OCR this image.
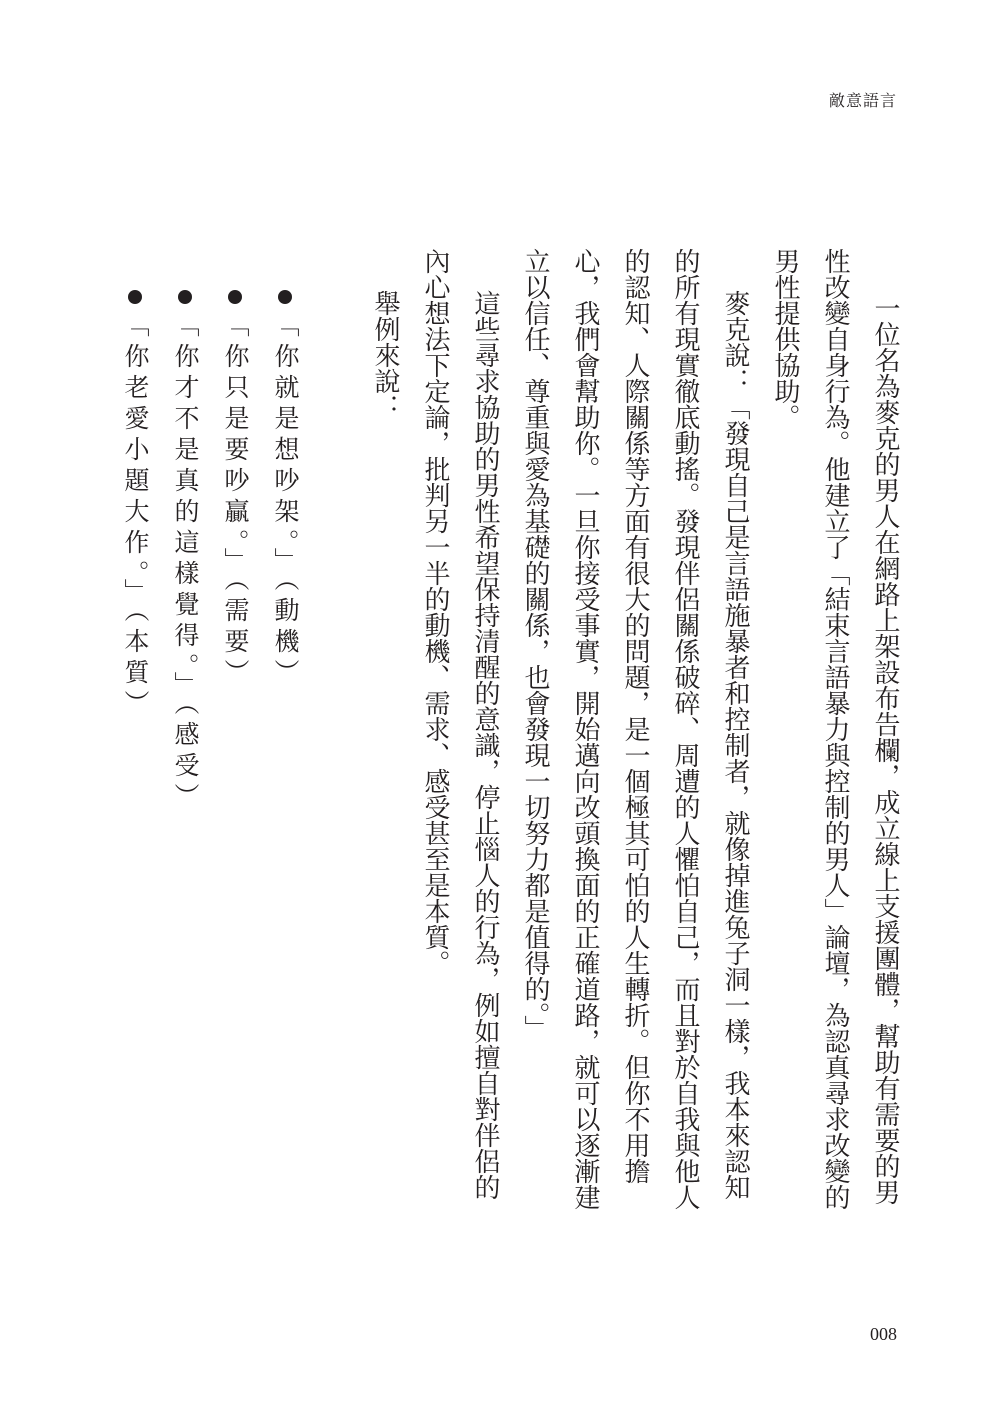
敵意語言

一位名為麥克的男人在網路上架設布告欄，成立線上支援團體，幫助有需要的男性改變自身行為。他建立了「結束言語暴力與控制的男人」論壇，為認真尋求改變的男性提供協助。

麥克說：「發現自己是言語施暴者和控制者，就像掉進兔子洞一樣，我本來認知的所有現實徹底動搖。發現伴侶關係破碎、周遭的人懼怕自己，而且對於自我與他人的認知、人際關係等方面有很大的問題，是一個極其可怕的人生轉折。但你不用擔心，我們會幫助你。一旦你接受事實，開始邁向改頭換面的正確道路，就可以逐漸建立以信任、尊重與愛為基礎的關係，也會發現一切努力都是值得的。」

這些尋求協助的男性希望保持清醒的意識，停止惱人的行為，例如擅自對伴侶的內心想法下定論，批判另一半的動機、需求、感受甚至是本質。

舉例來說：

「你就是想吵架。」（動機）
「你只是要吵贏。」（需要）
「你才不是真的這樣覺得。」（感受）
「你老愛小題大作。」（本質）
008
